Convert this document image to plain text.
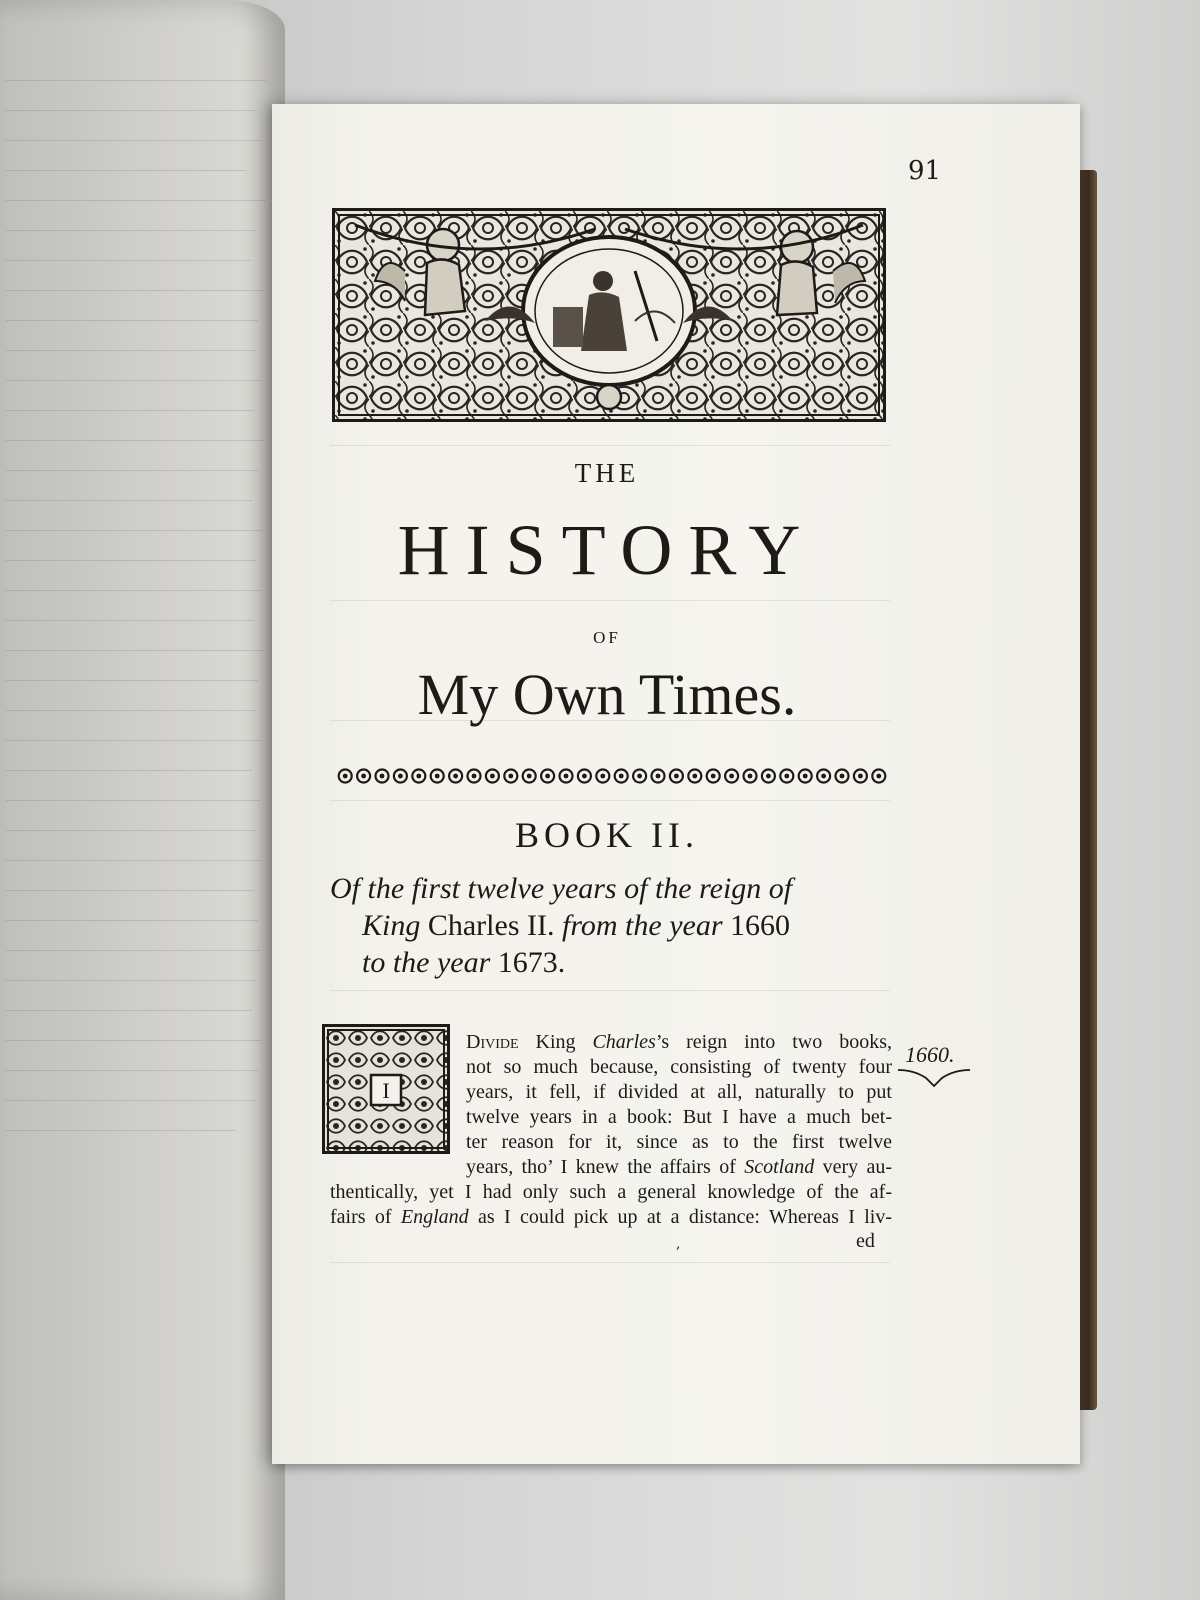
91
THE
HISTORY
OF
My Own Times.
BOOK II.
Of the first twelve years of the reign of
King Charles II. from the year 1660
to the year 1673.
I
1660.
Divide King Charles’s reign into two books,
not so much because, consisting of twenty four
years, it fell, if divided at all, naturally to put
twelve years in a book: But I have a much bet-
ter reason for it, since as to the first twelve
years, tho’ I knew the affairs of Scotland very au-
thentically, yet I had only such a general knowledge of the af-
fairs of England as I could pick up at a distance: Whereas I liv-
,	ed
